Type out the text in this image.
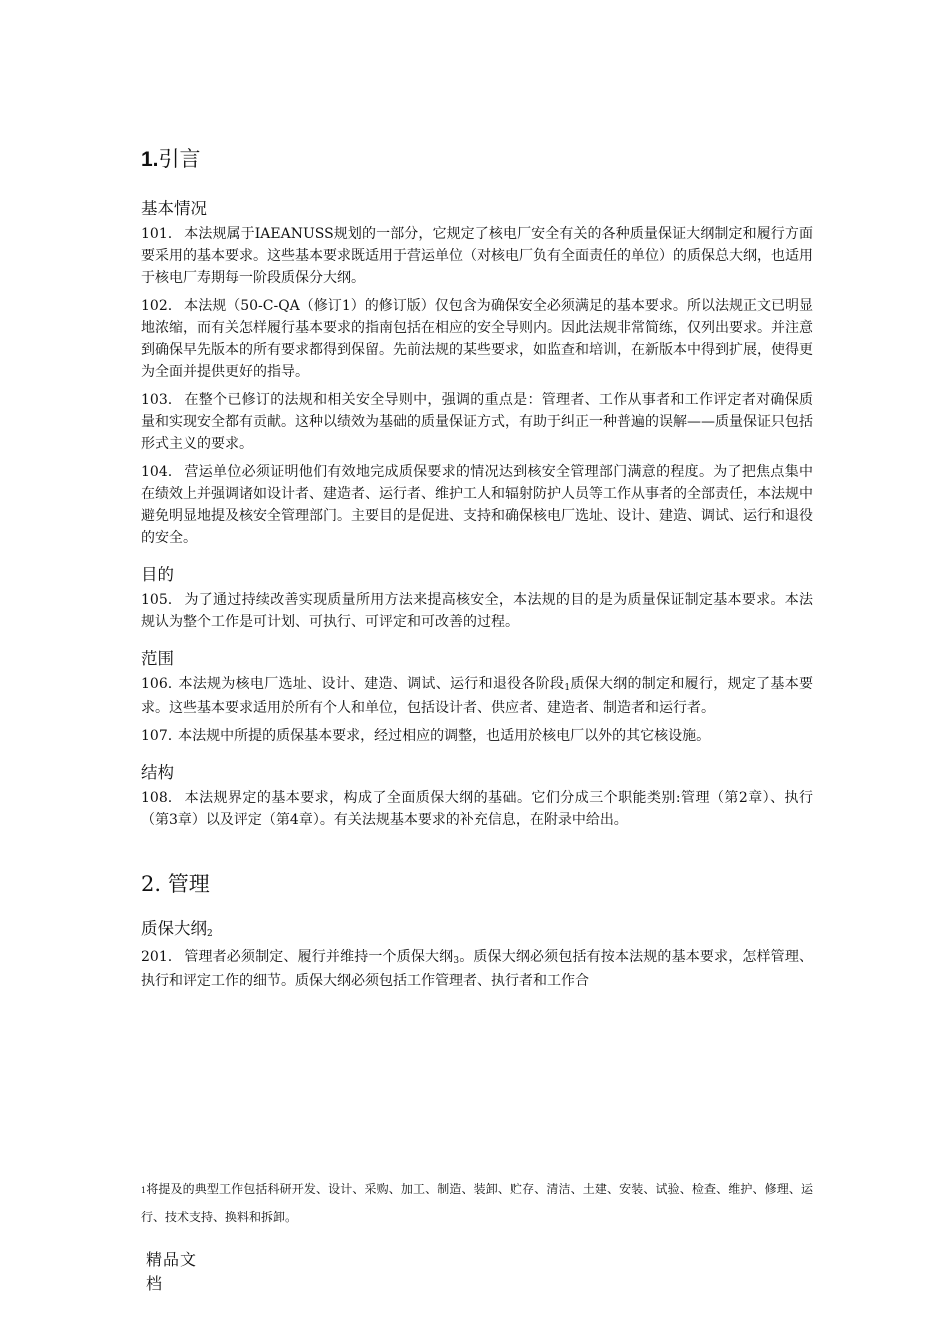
1.引言
基本情况

101. 本法规属于IAEANUSS规划的一部分，它规定了核电厂安全有关的各种质量保证大纲制定和履行方面要采用的基本要求。这些基本要求既适用于营运单位（对核电厂负有全面责任的单位）的质保总大纲，也适用于核电厂寿期每一阶段质保分大纲。

102. 本法规（50-C-QA（修订1）的修订版）仅包含为确保安全必须满足的基本要求。所以法规正文已明显地浓缩，而有关怎样履行基本要求的指南包括在相应的安全导则内。因此法规非常简练，仅列出要求。并注意到确保早先版本的所有要求都得到保留。先前法规的某些要求，如监查和培训，在新版本中得到扩展，使得更为全面并提供更好的指导。

103. 在整个已修订的法规和相关安全导则中，强调的重点是：管理者、工作从事者和工作评定者对确保质量和实现安全都有贡献。这种以绩效为基础的质量保证方式，有助于纠正一种普遍的误解——质量保证只包括形式主义的要求。

104. 营运单位必须证明他们有效地完成质保要求的情况达到核安全管理部门满意的程度。为了把焦点集中在绩效上并强调诸如设计者、建造者、运行者、维护工人和辐射防护人员等工作从事者的全部责任，本法规中避免明显地提及核安全管理部门。主要目的是促进、支持和确保核电厂选址、设计、建造、调试、运行和退役的安全。

目的

105. 为了通过持续改善实现质量所用方法来提高核安全，本法规的目的是为质量保证制定基本要求。本法规认为整个工作是可计划、可执行、可评定和可改善的过程。

范围

106. 本法规为核电厂选址、设计、建造、调试、运行和退役各阶段$^1$质保大纲的制定和履行，规定了基本要求。这些基本要求适用於所有个人和单位，包括设计者、供应者、建造者、制造者和运行者。

107. 本法规中所提的质保基本要求，经过相应的调整，也适用於核电厂以外的其它核设施。

结构

108. 本法规界定的基本要求，构成了全面质保大纲的基础。它们分成三个职能类别:管理（第2章）、执行（第3章）以及评定（第4章）。有关法规基本要求的补充信息，在附录中给出。

2. 管理
质保大纲$^2$

201. 管理者必须制定、履行并维持一个质保大纲$^3$。质保大纲必须包括有按本法规的基本要求，怎样管理、执行和评定工作的细节。质保大纲必须包括工作管理者、执行者和工作合

1将提及的典型工作包括科研开发、设计、采购、加工、制造、装卸、贮存、清洁、土建、安装、试验、检查、维护、修理、运行、技术支持、换料和拆卸。
精品文档
